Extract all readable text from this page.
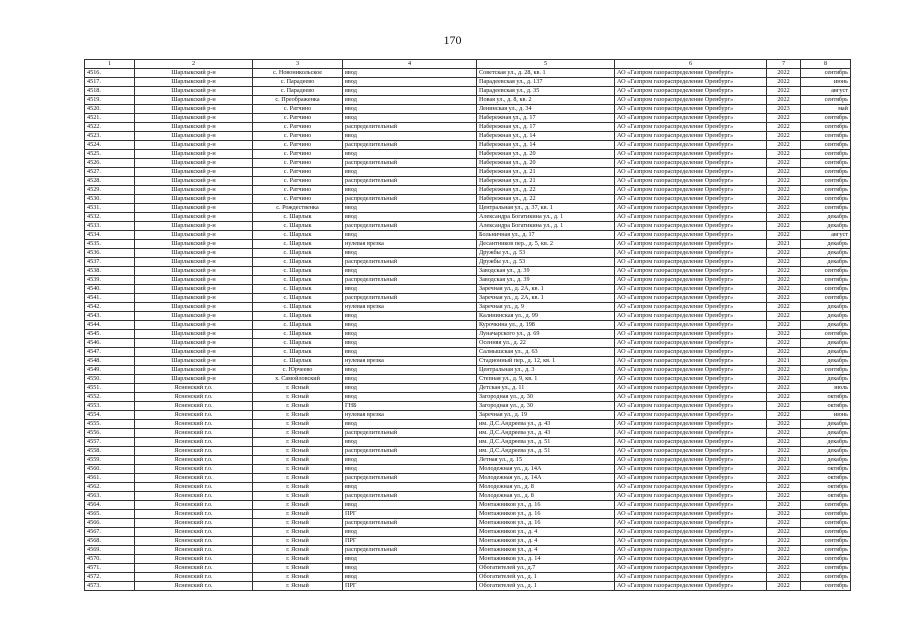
170
1	2	3	4	5	6	7	8
4516.	Шарлыкский р-н	с. Новоникольское	ввод	Советская ул., д. 28, кв. 1	АО «Газпром газораспределение Оренбург»	2022	сентябрь
4517.	Шарлыкский р-н	с. Парадеево	ввод	Парадеевская ул., д. 137	АО «Газпром газораспределение Оренбург»	2022	июнь
4518.	Шарлыкский р-н	с. Парадеево	ввод	Парадеевская ул., д. 35	АО «Газпром газораспределение Оренбург»	2022	август
4519.	Шарлыкский р-н	с. Преображенка	ввод	Новая ул., д. 8, кв. 2	АО «Газпром газораспределение Оренбург»	2022	сентябрь
4520.	Шарлыкский р-н	с. Ратчино	ввод	Ленинская ул., д. 34	АО «Газпром газораспределение Оренбург»	2023	май
4521.	Шарлыкский р-н	с. Ратчино	ввод	Набережная ул., д. 17	АО «Газпром газораспределение Оренбург»	2022	сентябрь
4522.	Шарлыкский р-н	с. Ратчино	распределительный	Набережная ул., д. 17	АО «Газпром газораспределение Оренбург»	2022	сентябрь
4523.	Шарлыкский р-н	с. Ратчино	ввод	Набережная ул., д. 14	АО «Газпром газораспределение Оренбург»	2022	сентябрь
4524.	Шарлыкский р-н	с. Ратчино	распределительный	Набережная ул., д. 14	АО «Газпром газораспределение Оренбург»	2022	сентябрь
4525.	Шарлыкский р-н	с. Ратчино	ввод	Набережная ул., д. 20	АО «Газпром газораспределение Оренбург»	2022	сентябрь
4526.	Шарлыкский р-н	с. Ратчино	распределительный	Набережная ул., д. 20	АО «Газпром газораспределение Оренбург»	2022	сентябрь
4527.	Шарлыкский р-н	с. Ратчино	ввод	Набережная ул., д. 21	АО «Газпром газораспределение Оренбург»	2022	сентябрь
4528.	Шарлыкский р-н	с. Ратчино	распределительный	Набережная ул., д. 21	АО «Газпром газораспределение Оренбург»	2022	сентябрь
4529.	Шарлыкский р-н	с. Ратчино	ввод	Набережная ул., д. 22	АО «Газпром газораспределение Оренбург»	2022	сентябрь
4530.	Шарлыкский р-н	с. Ратчино	распределительный	Набережная ул., д. 22	АО «Газпром газораспределение Оренбург»	2022	сентябрь
4531.	Шарлыкский р-н	с. Рождественка	ввод	Центральная ул., д. 37, кв. 1	АО «Газпром газораспределение Оренбург»	2022	сентябрь
4532.	Шарлыкский р-н	с. Шарлык	ввод	Александра Богатикина ул., д. 1	АО «Газпром газораспределение Оренбург»	2022	декабрь
4533.	Шарлыкский р-н	с. Шарлык	распределительный	Александра Богатикина ул., д. 1	АО «Газпром газораспределение Оренбург»	2022	декабрь
4534.	Шарлыкский р-н	с. Шарлык	ввод	Больничная ул., д. 17	АО «Газпром газораспределение Оренбург»	2022	август
4535.	Шарлыкский р-н	с. Шарлык	нулевая врезка	Десантников пер., д. 5, кв. 2	АО «Газпром газораспределение Оренбург»	2021	декабрь
4536.	Шарлыкский р-н	с. Шарлык	ввод	Дружбы ул., д. 53	АО «Газпром газораспределение Оренбург»	2022	декабрь
4537.	Шарлыкский р-н	с. Шарлык	распределительный	Дружбы ул., д. 53	АО «Газпром газораспределение Оренбург»	2022	декабрь
4538.	Шарлыкский р-н	с. Шарлык	ввод	Заводская ул., д. 39	АО «Газпром газораспределение Оренбург»	2022	сентябрь
4539.	Шарлыкский р-н	с. Шарлык	распределительный	Заводская ул., д. 39	АО «Газпром газораспределение Оренбург»	2022	сентябрь
4540.	Шарлыкский р-н	с. Шарлык	ввод	Заречная ул., д. 2А, кв. 1	АО «Газпром газораспределение Оренбург»	2022	сентябрь
4541.	Шарлыкский р-н	с. Шарлык	распределительный	Заречная ул., д. 2А, кв. 1	АО «Газпром газораспределение Оренбург»	2022	сентябрь
4542.	Шарлыкский р-н	с. Шарлык	нулевая врезка	Заречная ул., д. 9	АО «Газпром газораспределение Оренбург»	2022	декабрь
4543.	Шарлыкский р-н	с. Шарлык	ввод	Калининская ул., д. 99	АО «Газпром газораспределение Оренбург»	2022	декабрь
4544.	Шарлыкский р-н	с. Шарлык	ввод	Курочкина ул., д. 198	АО «Газпром газораспределение Оренбург»	2022	декабрь
4545.	Шарлыкский р-н	с. Шарлык	ввод	Луначарского ул., д. 69	АО «Газпром газораспределение Оренбург»	2022	сентябрь
4546.	Шарлыкский р-н	с. Шарлык	ввод	Осенняя ул., д. 22	АО «Газпром газораспределение Оренбург»	2022	декабрь
4547.	Шарлыкский р-н	с. Шарлык	ввод	Салмышская ул., д. 63	АО «Газпром газораспределение Оренбург»	2022	декабрь
4548.	Шарлыкский р-н	с. Шарлык	нулевая врезка	Стадионный пер., д. 12, кв. 1	АО «Газпром газораспределение Оренбург»	2021	декабрь
4549.	Шарлыкский р-н	с. Юрчеево	ввод	Центральная ул., д. 3	АО «Газпром газораспределение Оренбург»	2022	сентябрь
4550.	Шарлыкский р-н	х. Самойловский	ввод	Степная ул., д. 9, кв. 1	АО «Газпром газораспределение Оренбург»	2022	декабрь
4551.	Ясненский г.о.	г. Ясный	ввод	Детская ул., д. 11	АО «Газпром газораспределение Оренбург»	2022	июль
4552.	Ясненский г.о.	г. Ясный	ввод	Загородная ул., д. 30	АО «Газпром газораспределение Оренбург»	2022	октябрь
4553.	Ясненский г.о.	г. Ясный	ГНБ	Загородная ул., д. 30	АО «Газпром газораспределение Оренбург»	2022	октябрь
4554.	Ясненский г.о.	г. Ясный	нулевая врезка	Заречная ул., д. 19	АО «Газпром газораспределение Оренбург»	2022	июнь
4555.	Ясненский г.о.	г. Ясный	ввод	им. Д.С.Андреева ул., д. 43	АО «Газпром газораспределение Оренбург»	2022	декабрь
4556.	Ясненский г.о.	г. Ясный	распределительный	им. Д.С.Андреева ул., д. 43	АО «Газпром газораспределение Оренбург»	2022	декабрь
4557.	Ясненский г.о.	г. Ясный	ввод	им. Д.С.Андреева ул., д. 51	АО «Газпром газораспределение Оренбург»	2022	декабрь
4558.	Ясненский г.о.	г. Ясный	распределительный	им. Д.С.Андреева ул., д. 51	АО «Газпром газораспределение Оренбург»	2022	декабрь
4559.	Ясненский г.о.	г. Ясный	ввод	Летная ул., д. 15	АО «Газпром газораспределение Оренбург»	2021	декабрь
4560.	Ясненский г.о.	г. Ясный	ввод	Молодежная ул., д. 14А	АО «Газпром газораспределение Оренбург»	2022	октябрь
4561.	Ясненский г.о.	г. Ясный	распределительный	Молодежная ул., д. 14А	АО «Газпром газораспределение Оренбург»	2022	октябрь
4562.	Ясненский г.о.	г. Ясный	ввод	Молодежная ул., д. 8	АО «Газпром газораспределение Оренбург»	2022	октябрь
4563.	Ясненский г.о.	г. Ясный	распределительный	Молодежная ул., д. 8	АО «Газпром газораспределение Оренбург»	2022	октябрь
4564.	Ясненский г.о.	г. Ясный	ввод	Монтажников ул., д. 16	АО «Газпром газораспределение Оренбург»	2022	сентябрь
4565.	Ясненский г.о.	г. Ясный	ПРГ	Монтажников ул., д. 16	АО «Газпром газораспределение Оренбург»	2022	сентябрь
4566.	Ясненский г.о.	г. Ясный	распределительный	Монтажников ул., д. 16	АО «Газпром газораспределение Оренбург»	2022	сентябрь
4567.	Ясненский г.о.	г. Ясный	ввод	Монтажников ул., д. 4	АО «Газпром газораспределение Оренбург»	2022	сентябрь
4568.	Ясненский г.о.	г. Ясный	ПРГ	Монтажников ул., д. 4	АО «Газпром газораспределение Оренбург»	2022	сентябрь
4569.	Ясненский г.о.	г. Ясный	распределительный	Монтажников ул., д. 4	АО «Газпром газораспределение Оренбург»	2022	сентябрь
4570.	Ясненский г.о.	г. Ясный	ввод	Монтажников ул., д. 14	АО «Газпром газораспределение Оренбург»	2022	сентябрь
4571.	Ясненский г.о.	г. Ясный	ввод	Обогатителей ул., д.7	АО «Газпром газораспределение Оренбург»	2022	сентябрь
4572.	Ясненский г.о.	г. Ясный	ввод	Обогатителей ул., д. 1	АО «Газпром газораспределение Оренбург»	2022	сентябрь
4573.	Ясненский г.о.	г. Ясный	ПРГ	Обогатителей ул., д. 1	АО «Газпром газораспределение Оренбург»	2022	сентябрь
